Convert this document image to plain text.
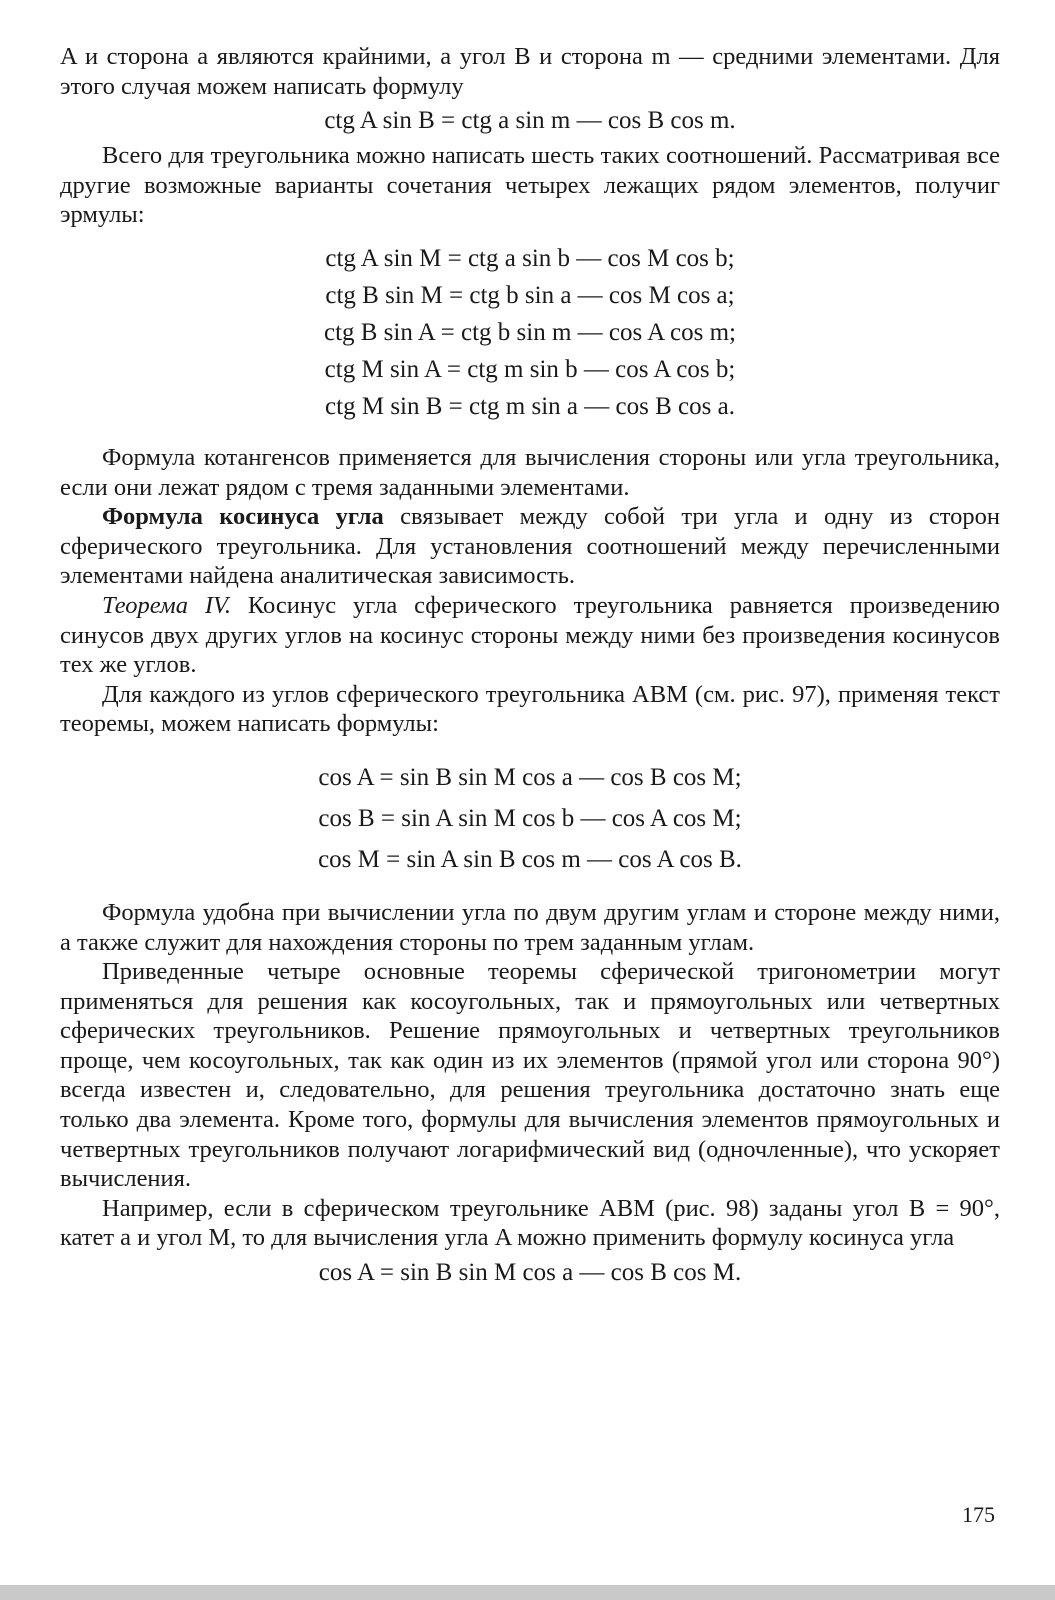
A и сторона a являются крайними, а угол B и сторона m — средними элементами. Для этого случая можем написать формулу

ctg A sin B = ctg a sin m — cos B cos m.

Всего для треугольника можно написать шесть таких соотношений. Рассматривая все другие возможные варианты сочетания четырех лежащих рядом элементов, получиг эрмулы:

ctg A sin M = ctg a sin b — cos M cos b;
ctg B sin M = ctg b sin a — cos M cos a;
ctg B sin A = ctg b sin m — cos A cos m;
ctg M sin A = ctg m sin b — cos A cos b;
ctg M sin B = ctg m sin a — cos B cos a.

Формула котангенсов применяется для вычисления стороны или угла треугольника, если они лежат рядом с тремя заданными элементами.

Формула косинуса угла связывает между собой три угла и одну из сторон сферического треугольника. Для установления соотношений между перечисленными элементами найдена аналитическая зависимость.

Теорема IV. Косинус угла сферического треугольника равняется произведению синусов двух других углов на косинус стороны между ними без произведения косинусов тех же углов.

Для каждого из углов сферического треугольника ABM (см. рис. 97), применяя текст теоремы, можем написать формулы:

cos A = sin B sin M cos a — cos B cos M;
cos B = sin A sin M cos b — cos A cos M;
cos M = sin A sin B cos m — cos A cos B.

Формула удобна при вычислении угла по двум другим углам и стороне между ними, а также служит для нахождения стороны по трем заданным углам.

Приведенные четыре основные теоремы сферической тригонометрии могут применяться для решения как косоугольных, так и прямоугольных или четвертных сферических треугольников. Решение прямоугольных и четвертных треугольников проще, чем косоугольных, так как один из их элементов (прямой угол или сторона 90°) всегда известен и, следовательно, для решения треугольника достаточно знать еще только два элемента. Кроме того, формулы для вычисления элементов прямоугольных и четвертных треугольников получают логарифмический вид (одночленные), что ускоряет вычисления.

Например, если в сферическом треугольнике ABM (рис. 98) заданы угол B = 90°, катет a и угол M, то для вычисления угла A можно применить формулу косинуса угла

cos A = sin B sin M cos a — cos B cos M.
175
